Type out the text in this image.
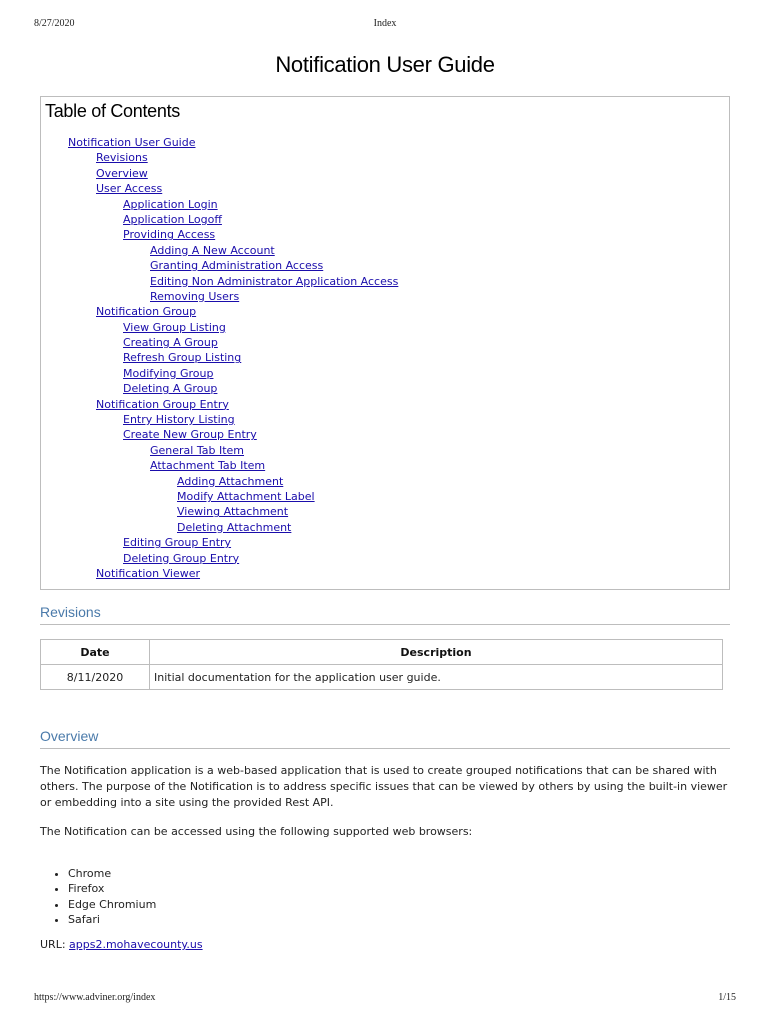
8/27/2020	Index
Notification User Guide
Table of Contents
Notification User Guide
Revisions
Overview
User Access
Application Login
Application Logoff
Providing Access
Adding A New Account
Granting Administration Access
Editing Non Administrator Application Access
Removing Users
Notification Group
View Group Listing
Creating A Group
Refresh Group Listing
Modifying Group
Deleting A Group
Notification Group Entry
Entry History Listing
Create New Group Entry
General Tab Item
Attachment Tab Item
Adding Attachment
Modify Attachment Label
Viewing Attachment
Deleting Attachment
Editing Group Entry
Deleting Group Entry
Notification Viewer
Revisions
Date	Description
8/11/2020	Initial documentation for the application user guide.
Overview

The Notification application is a web-based application that is used to create grouped notifications that can be shared with others. The purpose of the Notification is to address specific issues that can be viewed by others by using the built-in viewer or embedding into a site using the provided Rest API.

The Notification can be accessed using the following supported web browsers:

• Chrome
• Firefox
• Edge Chromium
• Safari
URL: apps2.mohavecounty.us
https://www.adviner.org/index	1/15
